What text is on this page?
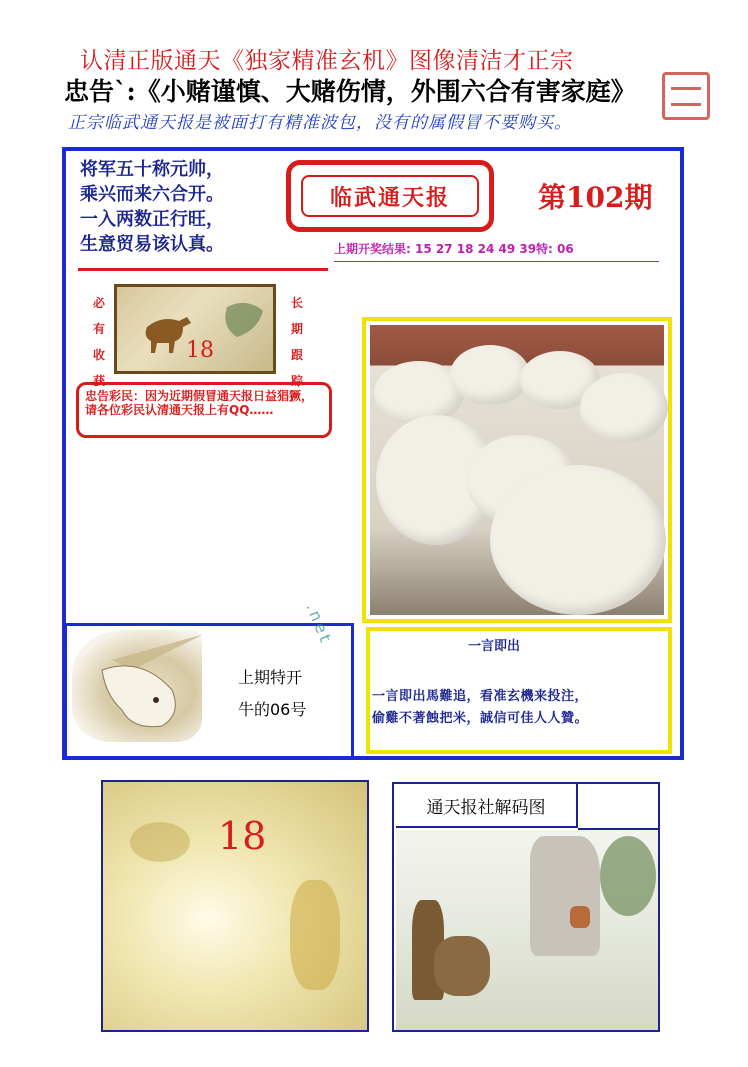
认清正版通天《独家精准玄机》图像清洁才正宗
忠告`:《小赌谨慎、大赌伤情，外围六合有害家庭》
正宗临武通天报是被面打有精准波包，没有的属假冒不要购买。
将军五十称元帅，
乘兴而来六合开。
一入两数正行旺，
生意贸易该认真。
临武通天报	第102期
上期开奖结果: 15 27 18 24 49 39特: 06
必
有
收
获
18
长
期
跟
踪
忠告彩民：因为近期假冒通天报日益猖獗，请各位彩民认清通天报上有QQ……
上期特开
牛的06号
一言即出
一言即出馬難追，看准玄機来投注，
偷雞不著蝕把米，誠信可佳人人贊。
.net
18
通天报社解码图
